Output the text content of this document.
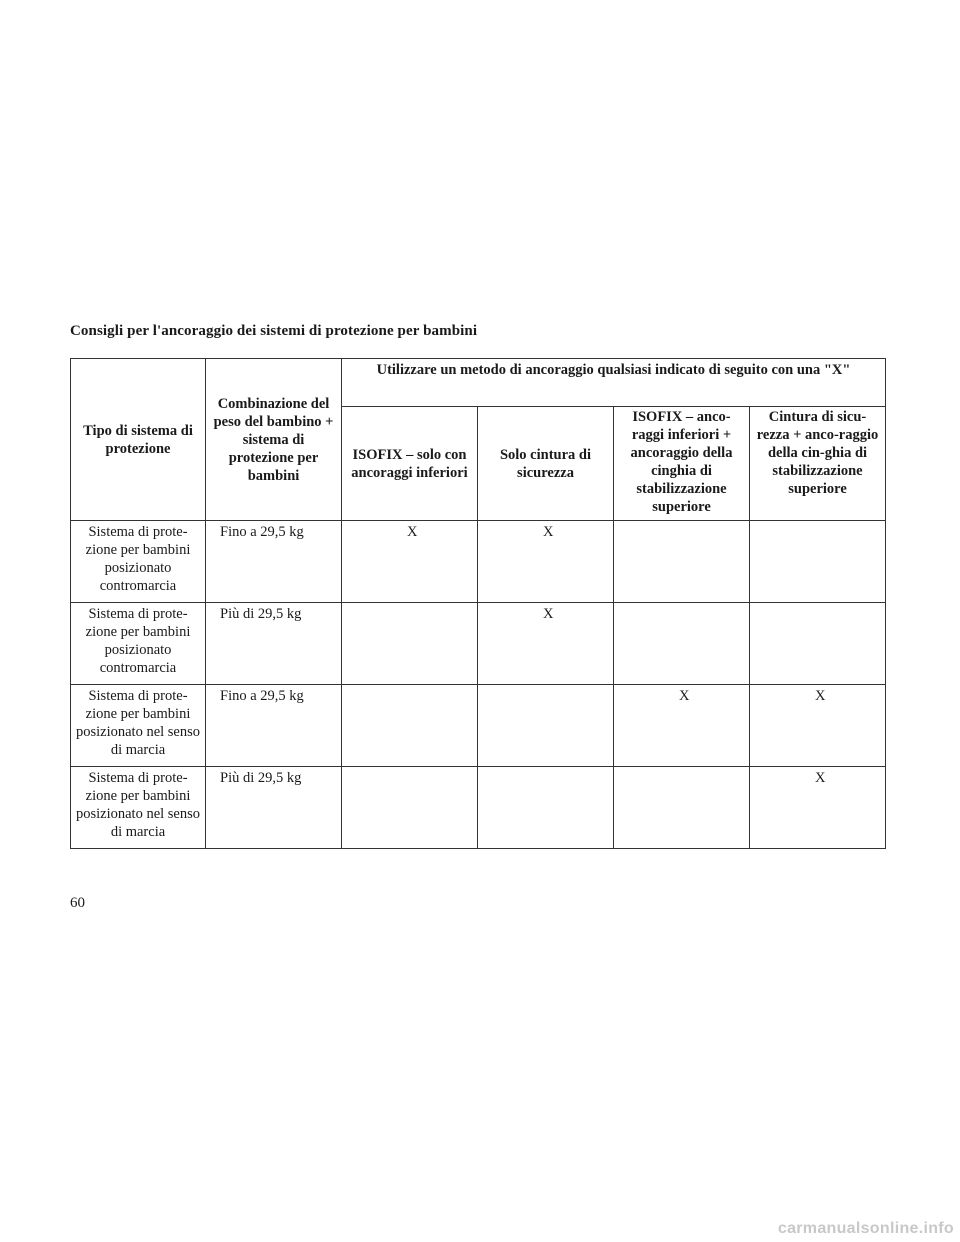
Consigli per l'ancoraggio dei sistemi di protezione per bambini
Tipo di sistema di protezione	Combinazione del peso del bambino + sistema di protezione per bambini	Utilizzare un metodo di ancoraggio qualsiasi indicato di seguito con una "X"			
		ISOFIX – solo con ancoraggi inferiori	Solo cintura di sicurezza	ISOFIX – anco-raggi inferiori + ancoraggio della cinghia di stabilizzazione superiore	Cintura di sicu-rezza + anco-raggio della cin-ghia di stabilizzazione superiore
Sistema di prote-zione per bambini posizionato contromarcia	Fino a 29,5 kg	X	X		

Sistema di prote-zione per bambini posizionato contromarcia	Più di 29,5 kg		X		

Sistema di prote-zione per bambini posizionato nel senso di marcia	Fino a 29,5 kg			X	X

Sistema di prote-zione per bambini posizionato nel senso di marcia	Più di 29,5 kg				X
60
carmanualsonline.info
